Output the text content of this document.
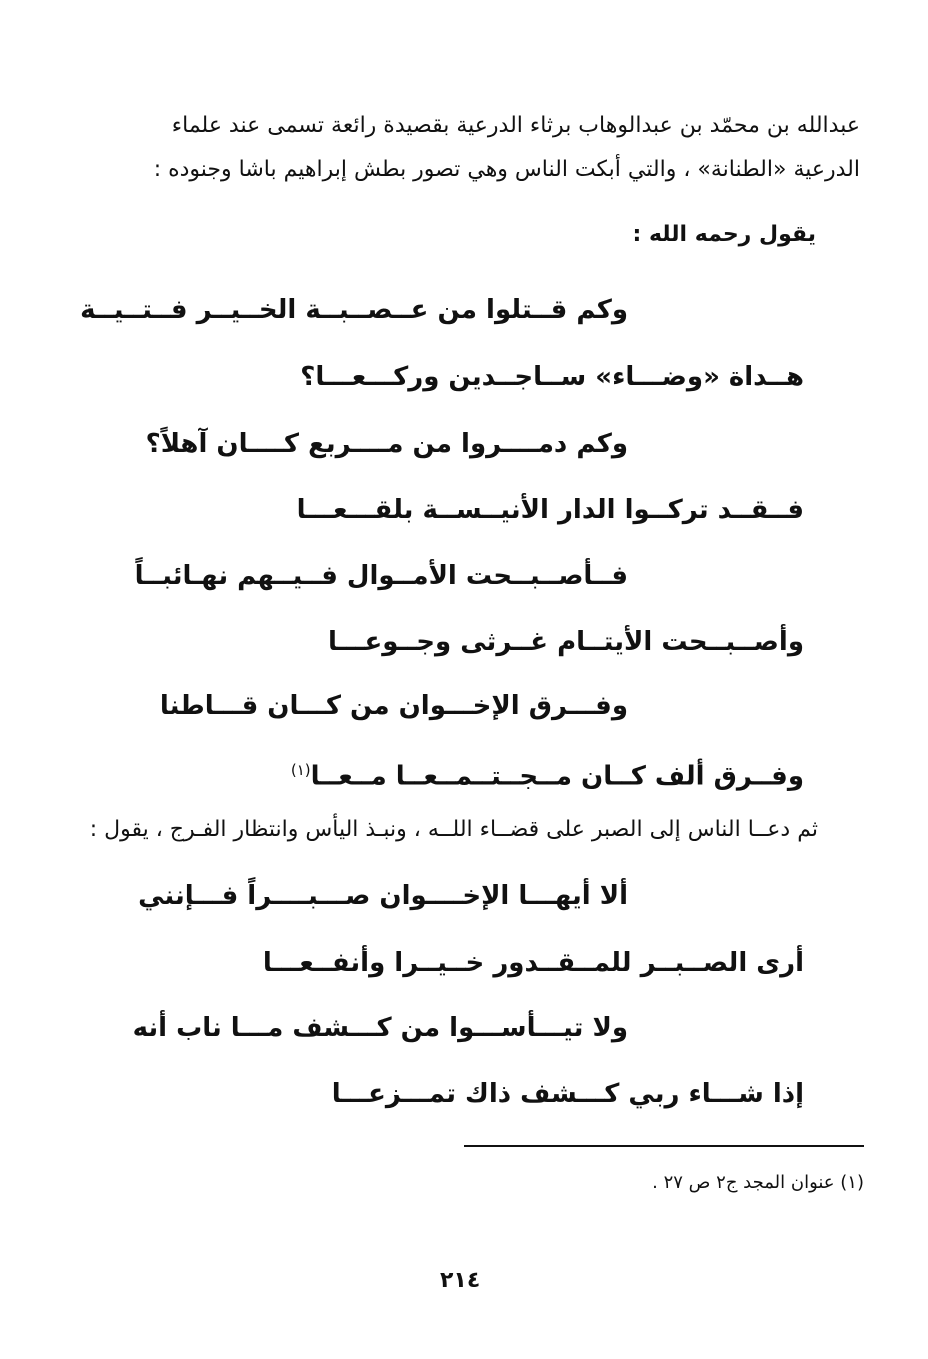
عبدالله بن محمّد بن عبدالوهاب برثاء الدرعية بقصيدة رائعة تسمى عند علماء
الدرعية «الطنانة» ، والتي أبكت الناس وهي تصور بطش إبراهيم باشا وجنوده :
يقول رحمه الله :
وكم قــتلوا من عــصــبــة الخــيــر فــتــيــة
هــداة «وضـــاء» ســاجــدين وركـــعـــا؟
وكم دمــــروا من مــــربع كــــان آهلاً؟
فــقــد تركــوا الدار الأنيــســة بلقـــعـــا
فــأصــبــحت الأمــوال فــيــهم نهـائبــاً
وأصــبــحت الأيتــام غــرثى وجــوعـــا
وفـــرق الإخـــوان من كـــان قـــاطنا
وفــرق ألف كــان مــجــتــمــعــا مــعــا$^{(١)}$
ثم دعــا الناس إلى الصبر على قضــاء اللــه ، ونبـذ اليأس وانتظار الفـرج ، يقول :
ألا أيهـــا الإخــــوان صـــبــــراً فـــإنني
أرى الصــبــر للمــقــدور خــيــرا وأنفــعـــا
ولا تيـــأســـوا من كـــشف مـــا ناب أنه
إذا شـــاء ربي كـــشف ذاك تمـــزعـــا
(١) عنوان المجد ج٢ ص ٢٧ .
٢١٤
